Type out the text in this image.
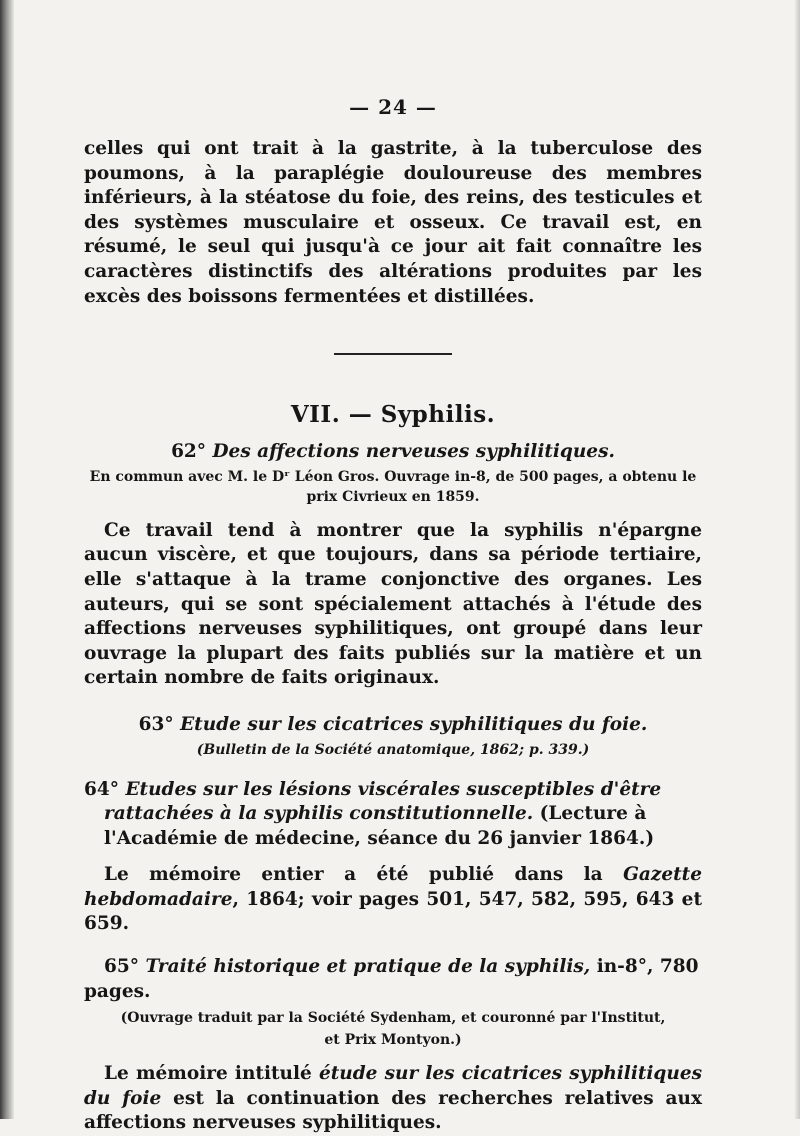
— 24 —

celles qui ont trait à la gastrite, à la tuberculose des poumons, à la paraplégie douloureuse des membres inférieurs, à la stéatose du foie, des reins, des testicules et des systèmes musculaire et osseux. Ce travail est, en résumé, le seul qui jusqu'à ce jour ait fait connaître les caractères distinctifs des altérations produites par les excès des boissons fermentées et distillées.

VII. — Syphilis.

62° Des affections nerveuses syphilitiques.

En commun avec M. le Dʳ Léon Gros. Ouvrage in-8, de 500 pages, a obtenu le prix Civrieux en 1859.

Ce travail tend à montrer que la syphilis n'épargne aucun viscère, et que toujours, dans sa période tertiaire, elle s'attaque à la trame conjonctive des organes. Les auteurs, qui se sont spécialement attachés à l'étude des affections nerveuses syphilitiques, ont groupé dans leur ouvrage la plupart des faits publiés sur la matière et un certain nombre de faits originaux.

63° Etude sur les cicatrices syphilitiques du foie.

(Bulletin de la Société anatomique, 1862; p. 339.)

64° Etudes sur les lésions viscérales susceptibles d'être rattachées à la syphilis constitutionnelle. (Lecture à l'Académie de médecine, séance du 26 janvier 1864.)

Le mémoire entier a été publié dans la Gazette hebdomadaire, 1864; voir pages 501, 547, 582, 595, 643 et 659.

65° Traité historique et pratique de la syphilis, in-8°, 780 pages.

(Ouvrage traduit par la Société Sydenham, et couronné par l'Institut,

et Prix Montyon.)

Le mémoire intitulé étude sur les cicatrices syphilitiques du foie est la continuation des recherches relatives aux affections nerveuses syphilitiques.
